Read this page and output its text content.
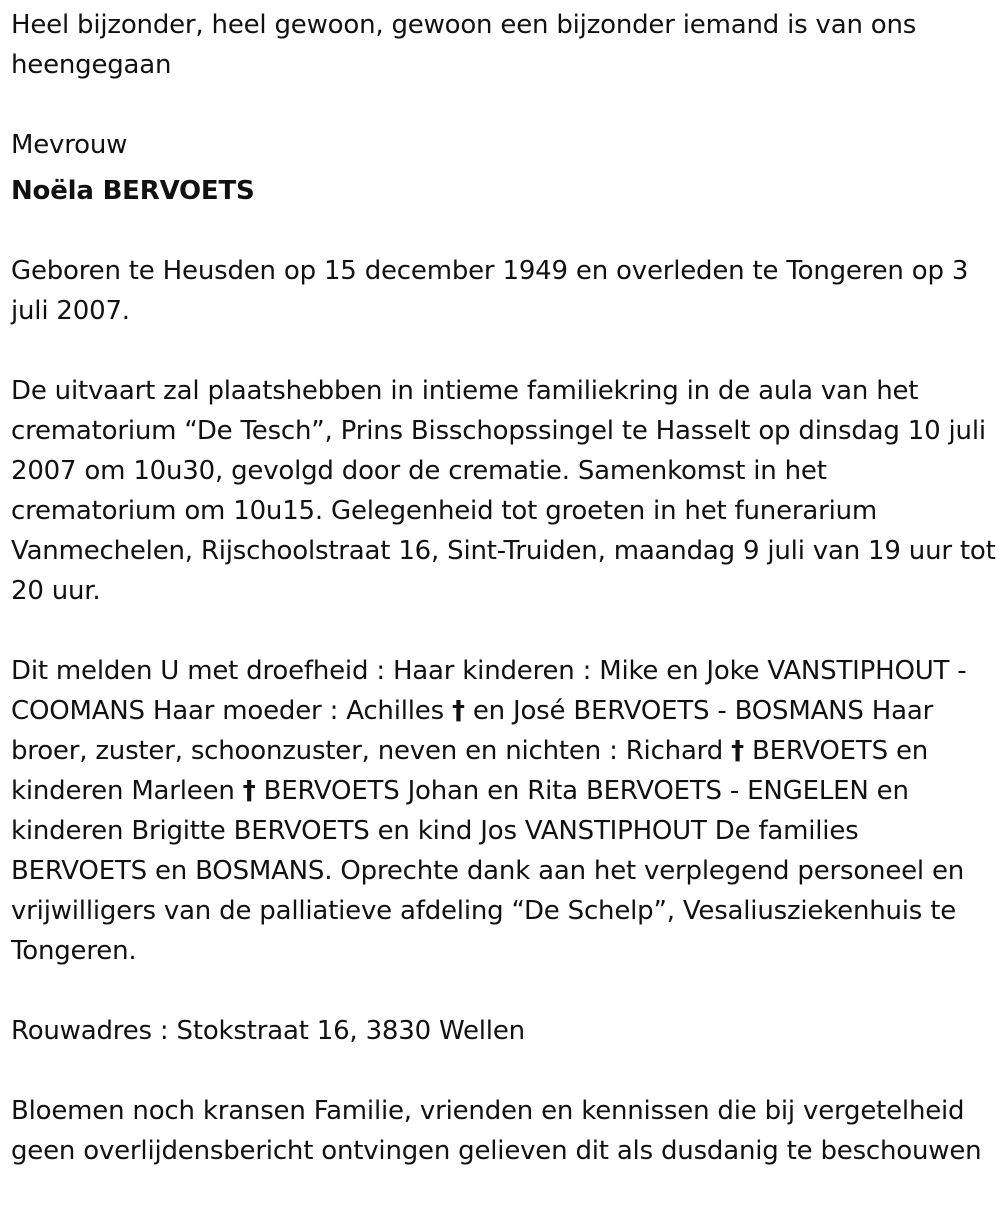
Heel bijzonder, heel gewoon, gewoon een bijzonder iemand is van ons heengegaan

Mevrouw

Noëla BERVOETS

Geboren te Heusden op 15 december 1949 en overleden te Tongeren op 3 juli 2007.

De uitvaart zal plaatshebben in intieme familiekring in de aula van het crematorium “De Tesch”, Prins Bisschopssingel te Hasselt op dinsdag 10 juli 2007 om 10u30, gevolgd door de crematie. Samenkomst in het crematorium om 10u15. Gelegenheid tot groeten in het funerarium Vanmechelen, Rijschoolstraat 16, Sint-Truiden, maandag 9 juli van 19 uur tot 20 uur.

Dit melden U met droefheid : Haar kinderen : Mike en Joke VANSTIPHOUT - COOMANS Haar moeder : Achilles † en José BERVOETS - BOSMANS Haar broer, zuster, schoonzuster, neven en nichten : Richard † BERVOETS en kinderen Marleen † BERVOETS Johan en Rita BERVOETS - ENGELEN en kinderen Brigitte BERVOETS en kind Jos VANSTIPHOUT De families BERVOETS en BOSMANS. Oprechte dank aan het verplegend personeel en vrijwilligers van de palliatieve afdeling “De Schelp”, Vesaliusziekenhuis te Tongeren.

Rouwadres : Stokstraat 16, 3830 Wellen

Bloemen noch kransen Familie, vrienden en kennissen die bij vergetelheid geen overlijdensbericht ontvingen gelieven dit als dusdanig te beschouwen
